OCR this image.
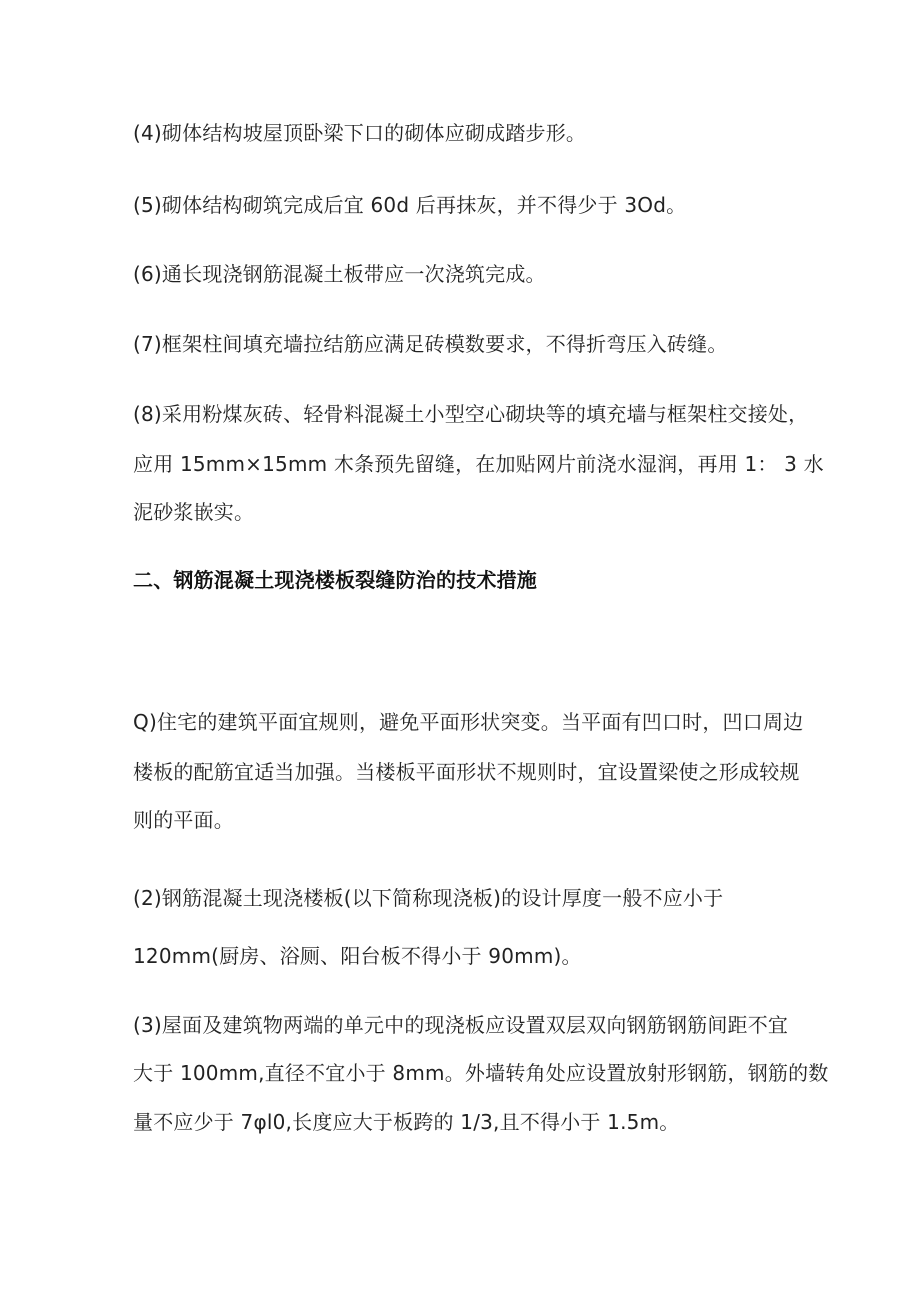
(4)砌体结构坡屋顶卧梁下口的砌体应砌成踏步形。
(5)砌体结构砌筑完成后宜 60d 后再抹灰，并不得少于 3Od。
(6)通长现浇钢筋混凝土板带应一次浇筑完成。
(7)框架柱间填充墙拉结筋应满足砖模数要求，不得折弯压入砖缝。
(8)采用粉煤灰砖、轻骨料混凝土小型空心砌块等的填充墙与框架柱交接处，
应用 15mm×15mm 木条预先留缝，在加贴网片前浇水湿润，再用 1： 3 水
泥砂浆嵌实。
二、钢筋混凝土现浇楼板裂缝防治的技术措施
Q)住宅的建筑平面宜规则，避免平面形状突变。当平面有凹口时，凹口周边
楼板的配筋宜适当加强。当楼板平面形状不规则时，宜设置梁使之形成较规
则的平面。
(2)钢筋混凝土现浇楼板(以下简称现浇板)的设计厚度一般不应小于
120mm(厨房、浴厕、阳台板不得小于 90mm)。
(3)屋面及建筑物两端的单元中的现浇板应设置双层双向钢筋钢筋间距不宜
大于 100mm,直径不宜小于 8mm。外墙转角处应设置放射形钢筋，钢筋的数
量不应少于 7φl0,长度应大于板跨的 1/3,且不得小于 1.5m。
